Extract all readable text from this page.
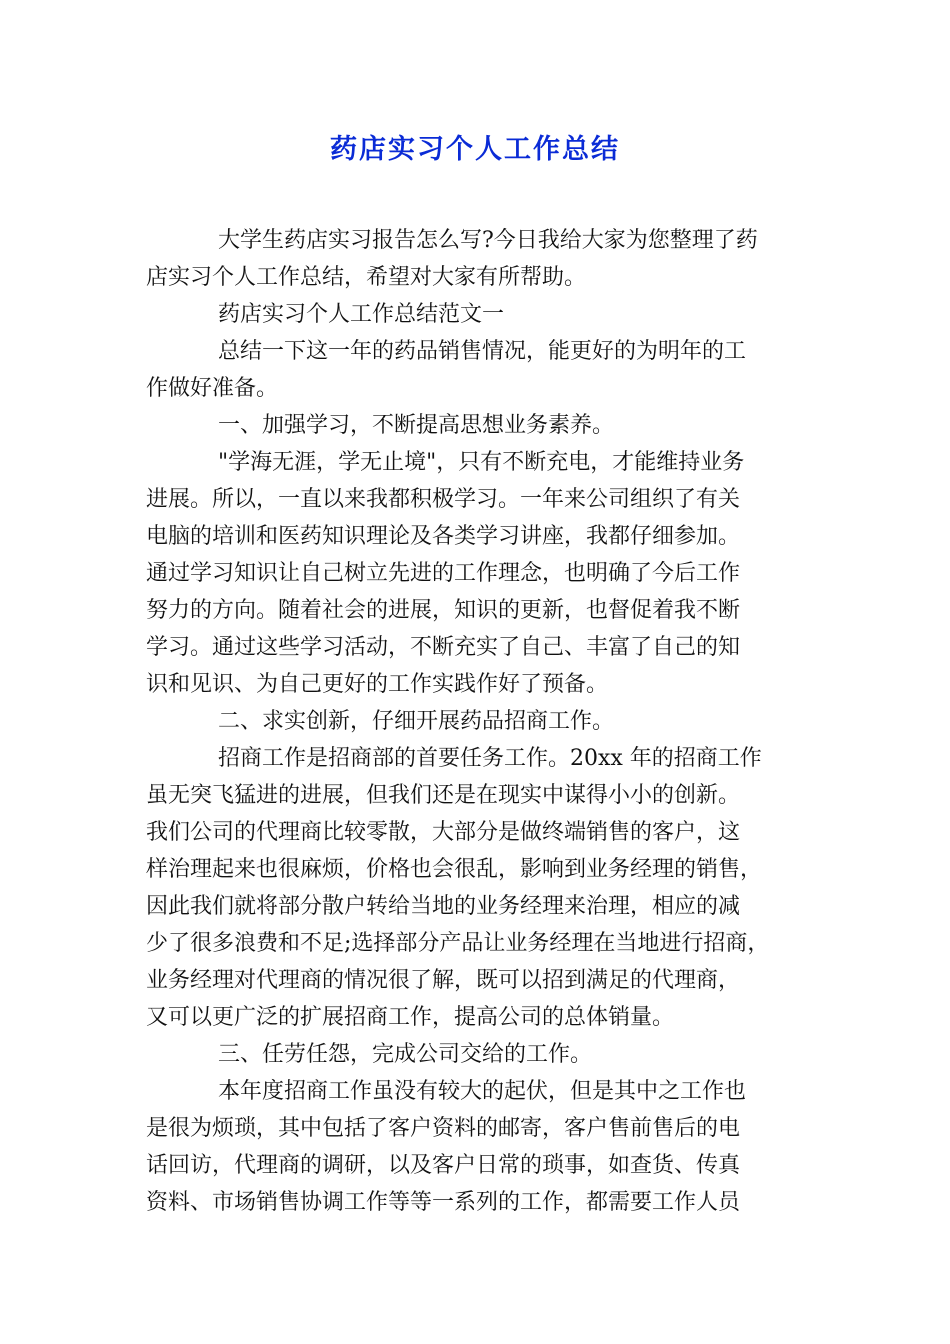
药店实习个人工作总结
大学生药店实习报告怎么写?今日我给大家为您整理了药
店实习个人工作总结，希望对大家有所帮助。
药店实习个人工作总结范文一
总结一下这一年的药品销售情况，能更好的为明年的工
作做好准备。
一、加强学习，不断提高思想业务素养。
"学海无涯，学无止境"，只有不断充电，才能维持业务
进展。所以，一直以来我都积极学习。一年来公司组织了有关
电脑的培训和医药知识理论及各类学习讲座，我都仔细参加。
通过学习知识让自己树立先进的工作理念，也明确了今后工作
努力的方向。随着社会的进展，知识的更新，也督促着我不断
学习。通过这些学习活动，不断充实了自己、丰富了自己的知
识和见识、为自己更好的工作实践作好了预备。
二、求实创新，仔细开展药品招商工作。
招商工作是招商部的首要任务工作。20xx 年的招商工作
虽无突飞猛进的进展，但我们还是在现实中谋得小小的创新。
我们公司的代理商比较零散，大部分是做终端销售的客户，这
样治理起来也很麻烦，价格也会很乱，影响到业务经理的销售，
因此我们就将部分散户转给当地的业务经理来治理，相应的减
少了很多浪费和不足;选择部分产品让业务经理在当地进行招商，
业务经理对代理商的情况很了解，既可以招到满足的代理商，
又可以更广泛的扩展招商工作，提高公司的总体销量。
三、任劳任怨，完成公司交给的工作。
本年度招商工作虽没有较大的起伏，但是其中之工作也
是很为烦琐，其中包括了客户资料的邮寄，客户售前售后的电
话回访，代理商的调研，以及客户日常的琐事，如查货、传真
资料、市场销售协调工作等等一系列的工作，都需要工作人员
